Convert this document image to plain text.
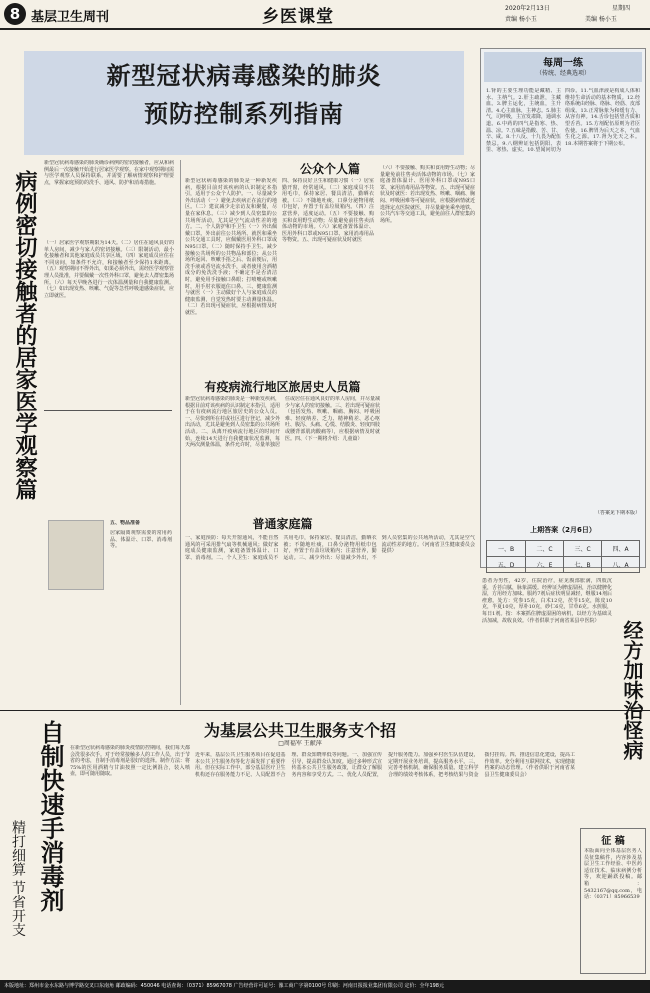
8 基层卫生周刊	乡医课堂	2020年2月13日	星期四
责编 杨小玉	美编 杨小玉
新型冠状病毒感染的肺炎
预防控制系列指南
新型冠状病毒感染的肺炎确诊病例的密切接触者，应从和病例最后一次接触开始进行居家医学观察。在家中观察期间需与医学观察人员保持联系，并需要了解病情观察和护理要点，掌握家庭预防的洗手、通风、防护和消毒措施。
病例密切接触者的居家医学观察篇	（一）居家医学观察期限为14天。（二）居住在通风良好的单人房间，减少与家人的密切接触。（三）限制活动，最小化接触者和其他家庭成员共享区域。（四）家庭成员应住在不同房间，如条件不允许，和接触者至少保持1米距离。（五）观察期间不得外出，如果必须外出，需经医学观察管理人员批准，并要佩戴一次性外科口罩，避免去人群密集场所。（六）每天早晚各进行一次体温测量和自我健康监测。（七）如出现发热、咳嗽、气促等急性呼吸道感染症状，应立即就医。
五、物品准备
居家隔离观察需要的常用药品、体温计、口罩、消毒剂等。
自制快速手消毒剂
精打细算 节省开支
在新型冠状病毒感染的肺炎疫情防控期间，我们每天都会洗很多次手。对于经常接触多人的工作人员，出于节省的考虑，自制手消毒剂是很好的选择。制作方法：将75%的医用酒精与甘油按照一定比例混合，装入喷壶，即可随用随取。
公众个人篇
新型冠状病毒感染的肺炎是一种新发疾病，根据目前对该疾病的认识制定本指引，适用于公众个人防护。一、尽量减少外出活动（一）避免去疾病正在流行的地区。（二）建议减少走亲访友和聚餐，尽量在家休息。（三）减少到人员密集的公共场所活动，尤其是空气流动性差的地方。二、个人防护和手卫生（一）外出佩戴口罩。外出前往公共场所、就医和乘坐公共交通工具时，应佩戴医用外科口罩或N95口罩。（二）随时保持手卫生。减少接触公共场所的公共物品和部位；从公共场所返回、咳嗽手捂之后、饭前便后，用洗手液或香皂流水洗手，或者使用含酒精成分的免洗洗手液；不确定手是否清洁时，避免用手接触口鼻眼；打喷嚏或咳嗽时，用手肘衣服遮住口鼻。三、健康监测与就医（一）主动做好个人与家庭成员的健康监测，自觉发热时要主动测量体温。（二）若出现可疑症状，应根据病情及时就医。
四、保持良好卫生和健康习惯（一）居室勤开窗，经常通风。（二）家庭成员不共用毛巾，保持家居、餐具清洁，勤晒衣被。（三）不随地吐痰，口鼻分泌物用纸巾包好，弃置于有盖垃圾箱内。（四）注意营养，适度运动。（五）不要接触、购买和食用野生动物；尽量避免前往售卖活体动物的市场。（六）家庭备置体温计、医用外科口罩或N95口罩、家用消毒用品等物资。五、出现可疑症状及时就医
（六）不要接触、购买和食用野生动物；尽量避免前往售卖活体动物的市场。（七）家庭备置体温计、医用外科口罩或N95口罩、家用消毒用品等物资。五、出现可疑症状及时就医：若出现发热、咳嗽、咽痛、胸闷、呼吸困难等可疑症状，应根据病情就近选择定点医院就医，并尽量避免乘坐地铁、公共汽车等交通工具，避免前往人群密集的场所。
有疫病流行地区旅居史人员篇
新型冠状病毒感染的肺炎是一种新发疾病，根据目前对该疾病的认识制定本指引，适用于在有疫病流行地区旅居史的公众人员。一、尽快到所在村或社区进行登记，减少外出活动，尤其是避免到人员密集的公共场所活动。二、从离开疫病流行地区的时间开始，连续14天进行自我健康状况监测，每天两次测量体温，条件允许时，尽量单独居住或居住在通风良好的单人房间，并尽量减少与家人的密切接触。三、若出现可疑症状（包括发热、咳嗽、咽痛、胸闷、呼吸困难、轻度纳差、乏力、精神稍差、恶心呕吐、腹泻、头痛、心慌、结膜炎、轻度四肢或腰背部肌肉酸痛等），应根据病情及时就医。四、（下一期将介绍：儿童篇）
普通家庭篇
一、家庭预防：每天开窗通风，不能自然通风的可采用排气扇等机械通风；做好家庭成员健康监测，家庭备置体温计、口罩、消毒剂。二、个人卫生：家庭成员不共用毛巾，保持家居、餐具清洁，勤晒衣被；不随地吐痰，口鼻分泌物用纸巾包好，弃置于有盖垃圾箱内；注意营养，勤运动。三、减少外出：尽量减少外出，不到人员密集的公共场所活动，尤其是空气流动性差的地方。（河南省卫生健康委员会提供）
每周一练
（传统、经典选项）
1.肾的主要生理功能是藏精、主水、主纳气。2.肝主疏泄，主藏血。3.脾主运化，主统血，主升清。4.心主血脉，主神志。5.肺主气，司呼吸，主宣发肃降，通调水道。6.中药的四气是指寒、热、温、凉。7.五味是指酸、苦、甘、辛、咸。8.十八反、十九畏为配伍禁忌。9.八纲辨证包括阴阳、表里、寒热、虚实。10.望闻问切为四诊。11.气血津液是构成人体和维持生命活动的基本物质。12.经络系统由经脉、络脉、经筋、皮部组成。13.正常脉象为和缓有力、从容有神。14.舌诊包括望舌质和望舌苔。15.方剂配伍原则为君臣佐使。16.脾胃为后天之本，气血生化之源。17.肾为先天之本。18.本期答案将于下期公布。
（答案见下期本版）
上期答案（2月6日）
一、B	二、C	三、C	四、A
五、D	六、E	七、B	八、A
患者为男性，42岁，住院治疗，症见腹部胀满，四肢沉重，舌苔白腻，脉象濡缓。经辨证为脾虚湿困，治以健脾化湿，方用经方加味。服药7剂后症状明显减轻，继服14剂后痊愈。处方：党参15克，白术12克，茯苓15克，陈皮10克，半夏10克，厚朴10克，砂仁6克，甘草6克。水煎服，每日1剂。按：本案抓住脾虚湿困的病机，以经方为基础灵活加减，故收良效。（作者供职于河南省某县中医院）	经方加味治怪病
为基层公共卫生服务支个招
□周福军 王献萍
近年来，基层公共卫生服务项目在促进基本公共卫生服务均等化方面发挥了重要作用。但在实际工作中，部分基层医疗卫生机构还存在服务能力不足、人员配置不合理、群众知晓率低等问题。一、加强宣传引导，提高群众认知度。通过多种形式宣传基本公共卫生服务政策，让群众了解服务内容和享受方式。二、优化人员配置，提升服务能力。加强乡村医生队伍建设，定期开展业务培训，提高服务水平。三、完善考核机制，确保服务质量。建立科学合理的绩效考核体系，把考核结果与资金拨付挂钩。四、推进信息化建设，提高工作效率。充分利用互联网技术，实现健康档案的动态管理。（作者供职于河南省某县卫生健康委员会）
征 稿
本版面向全体基层医务人员征集稿件，内容涉及基层卫生工作经验、中医药适宜技术、临床病例分析等，欢迎踊跃投稿。邮箱：5432167@qq.com，电话：（0371）85966539
本版地址：郑州市金水东路与博学路交叉口东南角 邮政编码：450046 电话查询：（0371）85967078 广告经营许可证号：豫工商广字第0100号 印刷：河南日报报业集团有限公司 定价：全年198元
